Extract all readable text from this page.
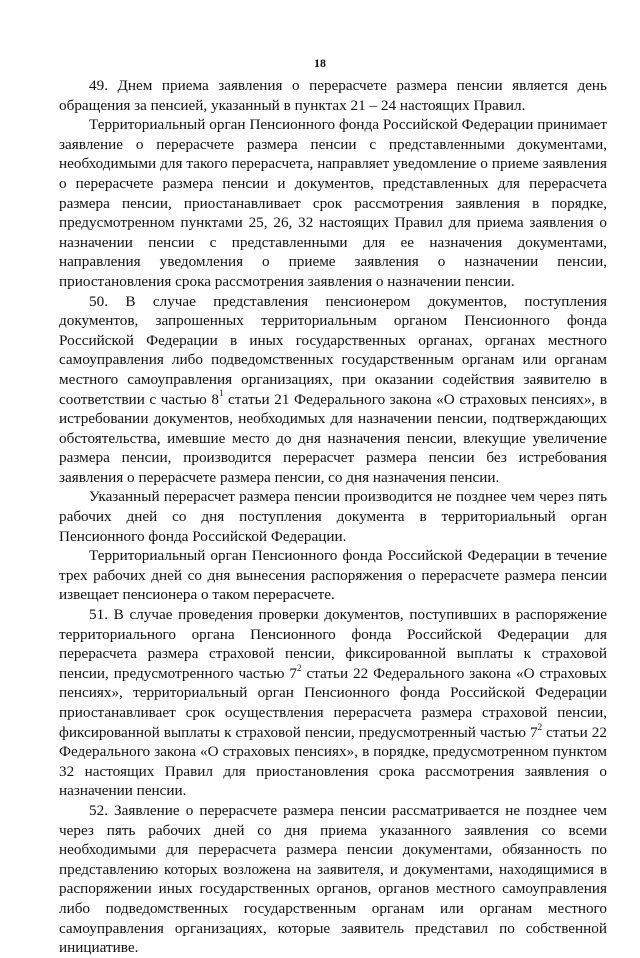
18

49. Днем приема заявления о перерасчете размера пенсии является день обращения за пенсией, указанный в пунктах 21 – 24 настоящих Правил.

Территориальный орган Пенсионного фонда Российской Федерации принимает заявление о перерасчете размера пенсии с представленными документами, необходимыми для такого перерасчета, направляет уведомление о приеме заявления о перерасчете размера пенсии и документов, представленных для перерасчета размера пенсии, приостанавливает срок рассмотрения заявления в порядке, предусмотренном пунктами 25, 26, 32 настоящих Правил для приема заявления о назначении пенсии с представленными для ее назначения документами, направления уведомления о приеме заявления о назначении пенсии, приостановления срока рассмотрения заявления о назначении пенсии.

50. В случае представления пенсионером документов, поступления документов, запрошенных территориальным органом Пенсионного фонда Российской Федерации в иных государственных органах, органах местного самоуправления либо подведомственных государственным органам или органам местного самоуправления организациях, при оказании содействия заявителю в соответствии с частью $8^1$ статьи 21 Федерального закона «О страховых пенсиях», в истребовании документов, необходимых для назначении пенсии, подтверждающих обстоятельства, имевшие место до дня назначения пенсии, влекущие увеличение размера пенсии, производится перерасчет размера пенсии без истребования заявления о перерасчете размера пенсии, со дня назначения пенсии.

Указанный перерасчет размера пенсии производится не позднее чем через пять рабочих дней со дня поступления документа в территориальный орган Пенсионного фонда Российской Федерации.

Территориальный орган Пенсионного фонда Российской Федерации в течение трех рабочих дней со дня вынесения распоряжения о перерасчете размера пенсии извещает пенсионера о таком перерасчете.

51. В случае проведения проверки документов, поступивших в распоряжение территориального органа Пенсионного фонда Российской Федерации для перерасчета размера страховой пенсии, фиксированной выплаты к страховой пенсии, предусмотренного частью $7^2$ статьи 22 Федерального закона «О страховых пенсиях», территориальный орган Пенсионного фонда Российской Федерации приостанавливает срок осуществления перерасчета размера страховой пенсии, фиксированной выплаты к страховой пенсии, предусмотренный частью $7^2$ статьи 22 Федерального закона «О страховых пенсиях», в порядке, предусмотренном пунктом 32 настоящих Правил для приостановления срока рассмотрения заявления о назначении пенсии.

52. Заявление о перерасчете размера пенсии рассматривается не позднее чем через пять рабочих дней со дня приема указанного заявления со всеми необходимыми для перерасчета размера пенсии документами, обязанность по представлению которых возложена на заявителя, и документами, находящимися в распоряжении иных государственных органов, органов местного самоуправления либо подведомственных государственным органам или органам местного самоуправления организациях, которые заявитель представил по собственной инициативе.
